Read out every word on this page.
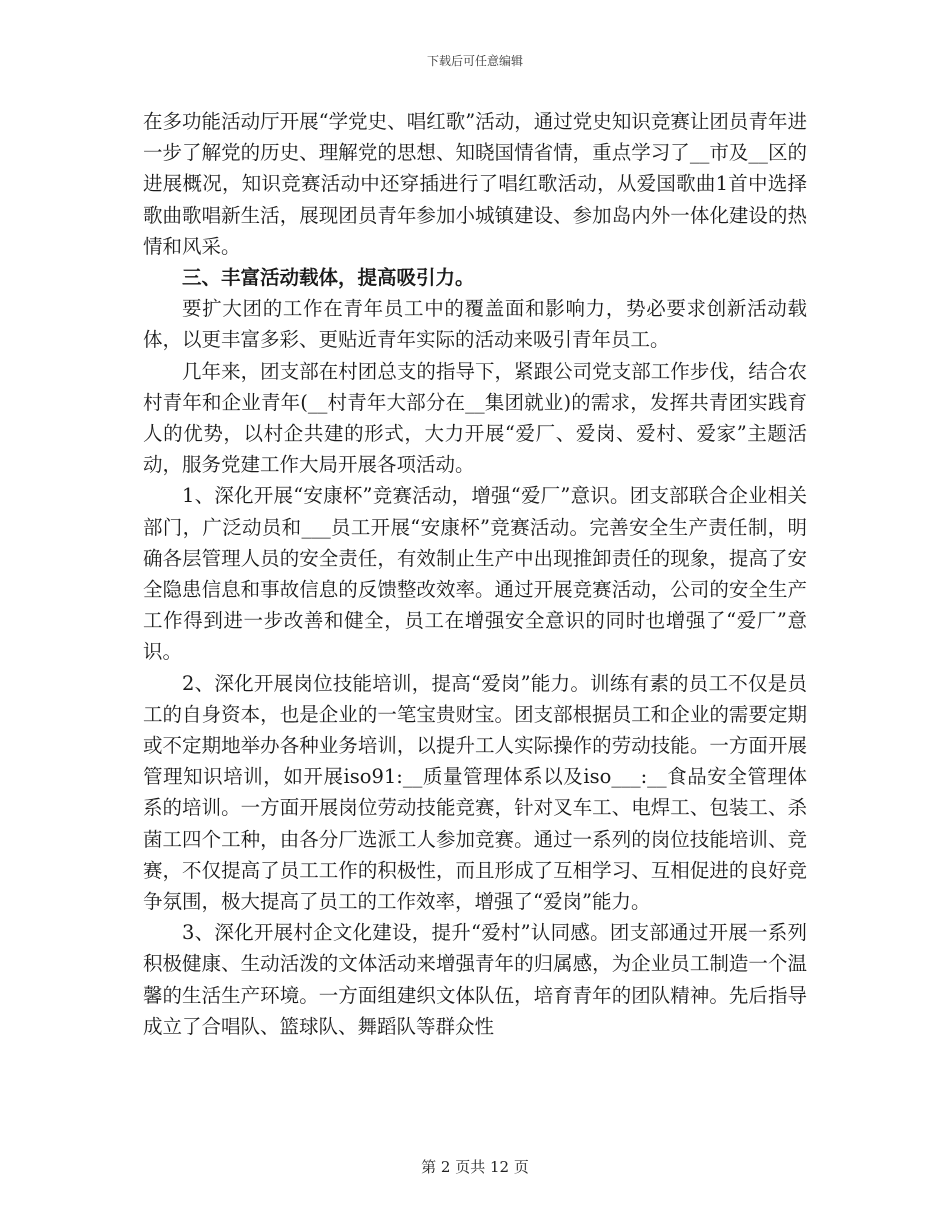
下载后可任意编辑

在多功能活动厅开展“学党史、唱红歌”活动，通过党史知识竞赛让团员青年进一步了解党的历史、理解党的思想、知晓国情省情，重点学习了__市及__区的进展概况，知识竞赛活动中还穿插进行了唱红歌活动，从爱国歌曲1首中选择歌曲歌唱新生活，展现团员青年参加小城镇建设、参加岛内外一体化建设的热情和风采。

三、丰富活动载体，提高吸引力。

要扩大团的工作在青年员工中的覆盖面和影响力，势必要求创新活动载体，以更丰富多彩、更贴近青年实际的活动来吸引青年员工。

几年来，团支部在村团总支的指导下，紧跟公司党支部工作步伐，结合农村青年和企业青年(__村青年大部分在__集团就业)的需求，发挥共青团实践育人的优势，以村企共建的形式，大力开展“爱厂、爱岗、爱村、爱家”主题活动，服务党建工作大局开展各项活动。

1、深化开展“安康杯”竞赛活动，增强“爱厂”意识。团支部联合企业相关部门，广泛动员和___员工开展“安康杯”竞赛活动。完善安全生产责任制，明确各层管理人员的安全责任，有效制止生产中出现推卸责任的现象，提高了安全隐患信息和事故信息的反馈整改效率。通过开展竞赛活动，公司的安全生产工作得到进一步改善和健全，员工在增强安全意识的同时也增强了“爱厂”意识。

2、深化开展岗位技能培训，提高“爱岗”能力。训练有素的员工不仅是员工的自身资本，也是企业的一笔宝贵财宝。团支部根据员工和企业的需要定期或不定期地举办各种业务培训，以提升工人实际操作的劳动技能。一方面开展管理知识培训，如开展iso91:__质量管理体系以及iso___:__食品安全管理体系的培训。一方面开展岗位劳动技能竞赛，针对叉车工、电焊工、包装工、杀菌工四个工种，由各分厂选派工人参加竞赛。通过一系列的岗位技能培训、竞赛，不仅提高了员工工作的积极性，而且形成了互相学习、互相促进的良好竞争氛围，极大提高了员工的工作效率，增强了“爱岗”能力。

3、深化开展村企文化建设，提升“爱村”认同感。团支部通过开展一系列积极健康、生动活泼的文体活动来增强青年的归属感，为企业员工制造一个温馨的生活生产环境。一方面组建织文体队伍，培育青年的团队精神。先后指导成立了合唱队、篮球队、舞蹈队等群众性

第 2 页共 12 页
